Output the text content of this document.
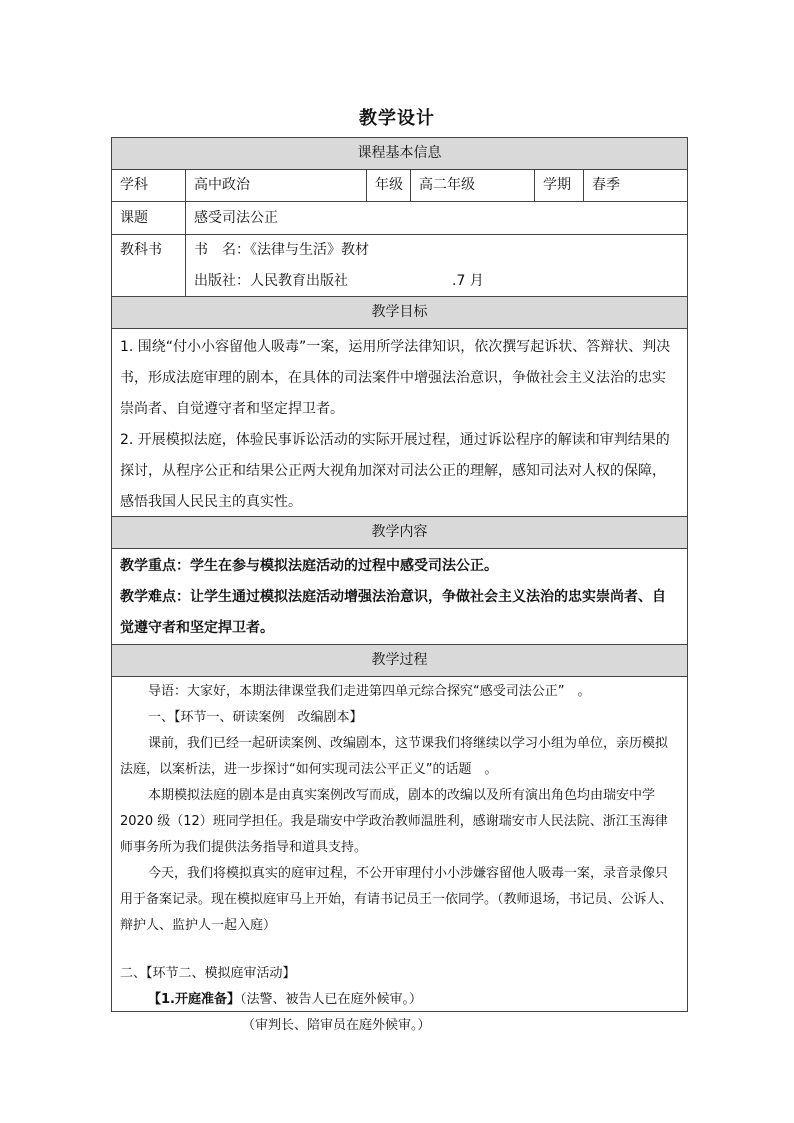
教学设计
课程基本信息
学科	高中政治	年级	高二年级	学期	春季
课题	感受司法公正
教科书	书　名：《法律与生活》教材
出版社：人民教育出版社	.7 月
教学目标

1. 围绕“付小小容留他人吸毒”一案，运用所学法律知识，依次撰写起诉状、答辩状、判决书，形成法庭审理的剧本，在具体的司法案件中增强法治意识，争做社会主义法治的忠实崇尚者、自觉遵守者和坚定捍卫者。

2. 开展模拟法庭，体验民事诉讼活动的实际开展过程，通过诉讼程序的解读和审判结果的探讨，从程序公正和结果公正两大视角加深对司法公正的理解，感知司法对人权的保障，感悟我国人民民主的真实性。

教学内容

教学重点：学生在参与模拟法庭活动的过程中感受司法公正。

教学难点：让学生通过模拟法庭活动增强法治意识，争做社会主义法治的忠实崇尚者、自觉遵守者和坚定捍卫者。

教学过程

导语：大家好，本期法律课堂我们走进第四单元综合探究“感受司法公正”　。

一、【环节一、研读案例　改编剧本】

课前，我们已经一起研读案例、改编剧本，这节课我们将继续以学习小组为单位，亲历模拟法庭，以案析法，进一步探讨“如何实现司法公平正义”的话题　。

本期模拟法庭的剧本是由真实案例改写而成，剧本的改编以及所有演出角色均由瑞安中学 2020 级（12）班同学担任。我是瑞安中学政治教师温胜利，感谢瑞安市人民法院、浙江玉海律师事务所为我们提供法务指导和道具支持。

今天，我们将模拟真实的庭审过程，不公开审理付小小涉嫌容留他人吸毒一案，录音录像只用于备案记录。现在模拟庭审马上开始，有请书记员王一依同学。（教师退场，书记员、公诉人、辩护人、监护人一起入庭）

二、【环节二、模拟庭审活动】

【1.开庭准备】（法警、被告人已在庭外候审。）

（审判长、陪审员在庭外候审。）
